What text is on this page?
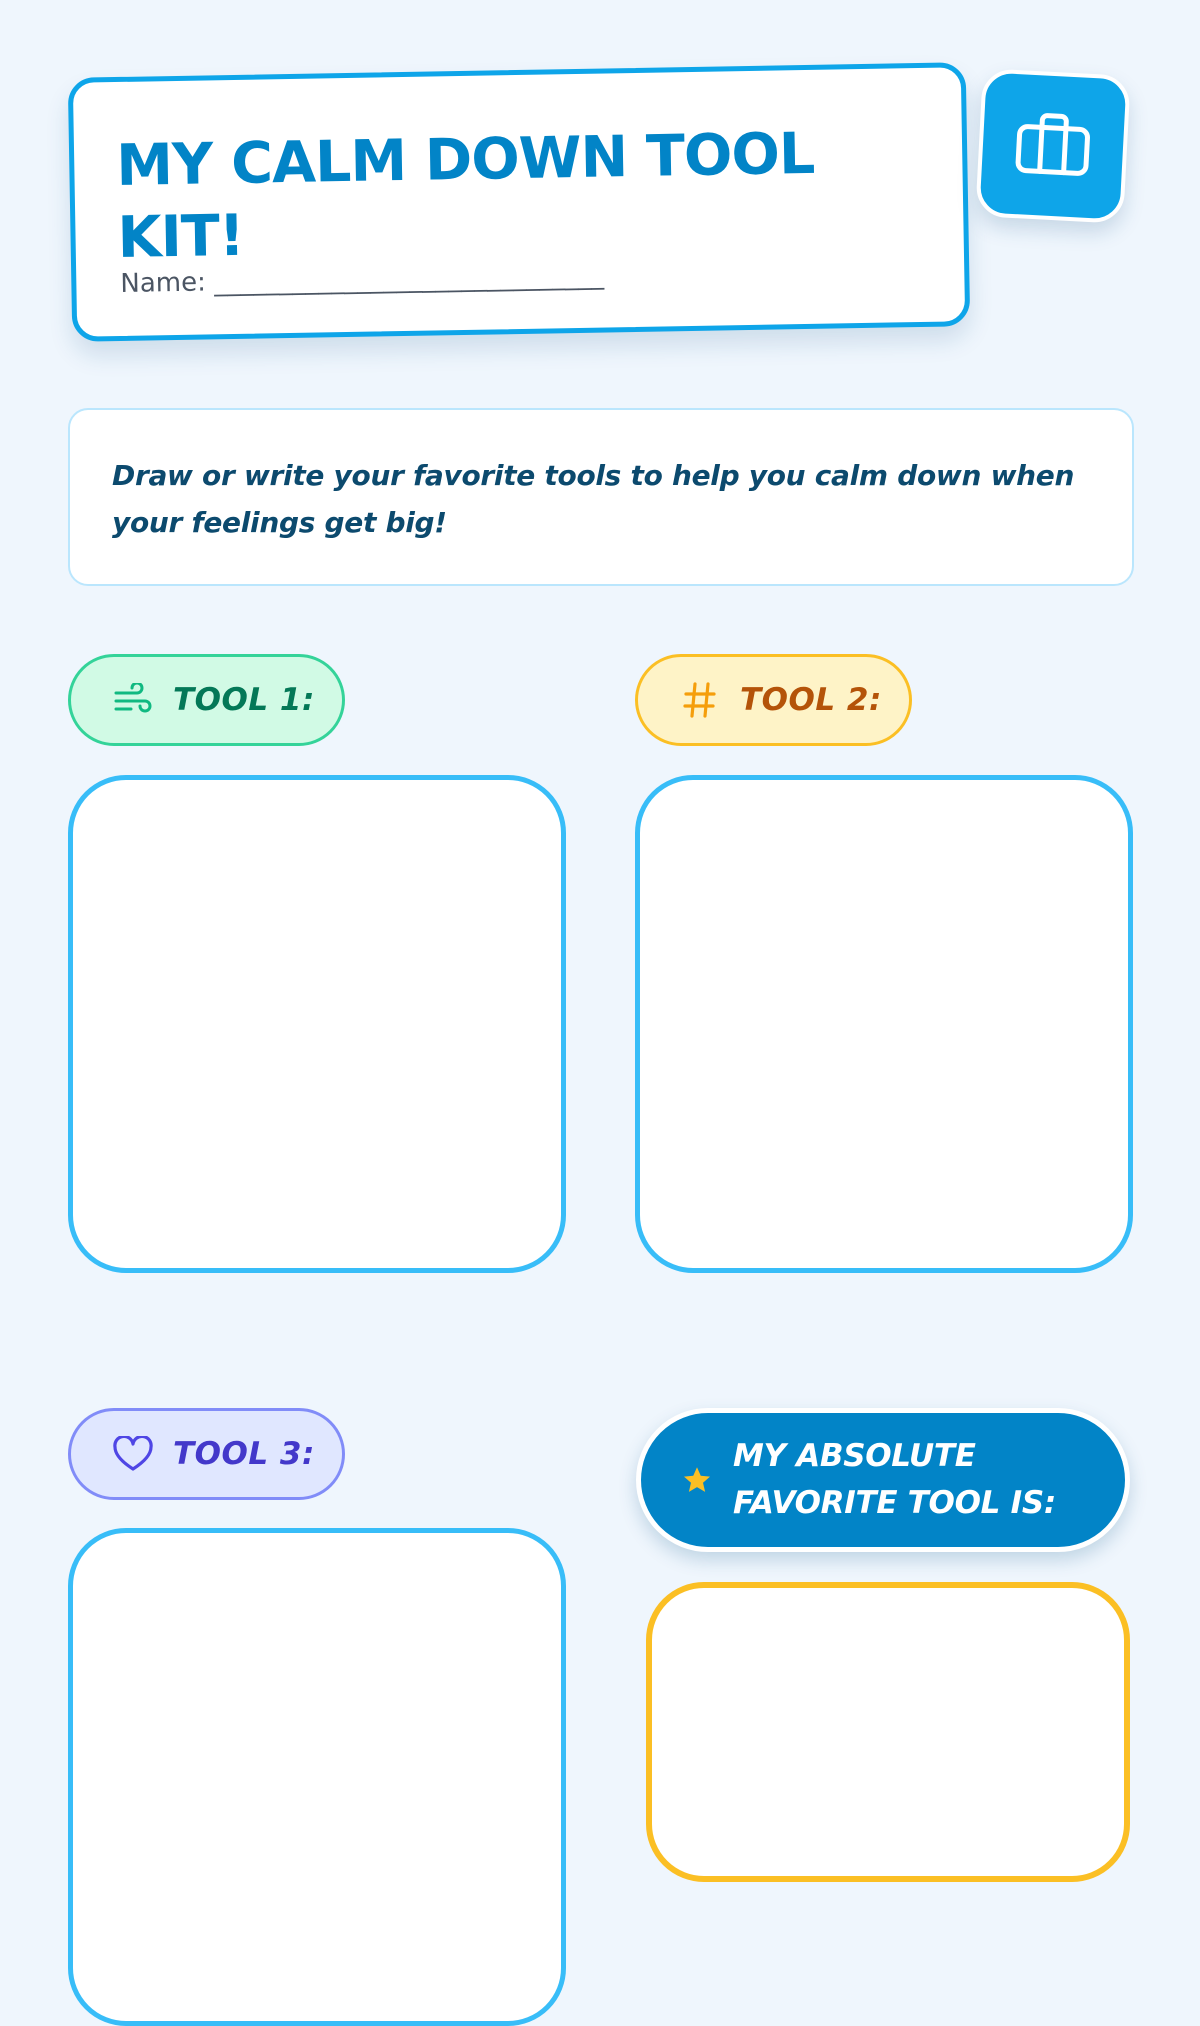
MY CALM DOWN TOOL KIT!
Name: ______________________________

Draw or write your favorite tools to help you calm down when your feelings get big!

TOOL 1:	TOOL 2:
TOOL 3:	MY ABSOLUTE FAVORITE TOOL IS:
